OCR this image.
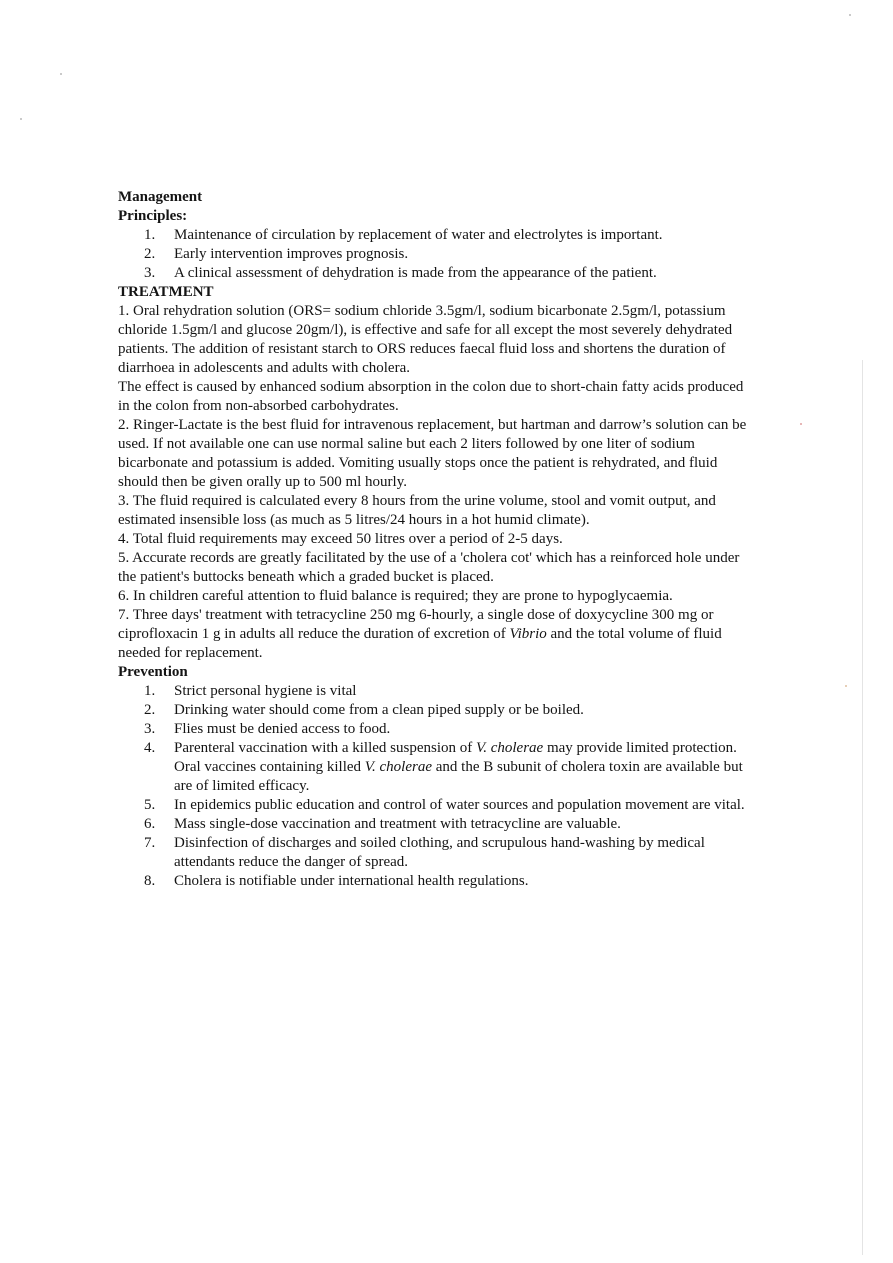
Management
Principles:
1. Maintenance of circulation by replacement of water and electrolytes is important.
2. Early intervention improves prognosis.
3. A clinical assessment of dehydration is made from the appearance of the patient.
TREATMENT

1. Oral rehydration solution (ORS= sodium chloride 3.5gm/l, sodium bicarbonate 2.5gm/l, potassium chloride 1.5gm/l and glucose 20gm/l), is effective and safe for all except the most severely dehydrated patients. The addition of resistant starch to ORS reduces faecal fluid loss and shortens the duration of diarrhoea in adolescents and adults with cholera.

The effect is caused by enhanced sodium absorption in the colon due to short-chain fatty acids produced in the colon from non-absorbed carbohydrates.

2. Ringer-Lactate is the best fluid for intravenous replacement, but hartman and darrow’s solution can be used. If not available one can use normal saline but each 2 liters followed by one liter of sodium bicarbonate and potassium is added. Vomiting usually stops once the patient is rehydrated, and fluid should then be given orally up to 500 ml hourly.

3. The fluid required is calculated every 8 hours from the urine volume, stool and vomit output, and estimated insensible loss (as much as 5 litres/24 hours in a hot humid climate).

4. Total fluid requirements may exceed 50 litres over a period of 2-5 days.

5. Accurate records are greatly facilitated by the use of a 'cholera cot' which has a reinforced hole under the patient's buttocks beneath which a graded bucket is placed.

6. In children careful attention to fluid balance is required; they are prone to hypoglycaemia.

7. Three days' treatment with tetracycline 250 mg 6-hourly, a single dose of doxycycline 300 mg or ciprofloxacin 1 g in adults all reduce the duration of excretion of Vibrio and the total volume of fluid needed for replacement.

Prevention
1. Strict personal hygiene is vital
2. Drinking water should come from a clean piped supply or be boiled.
3. Flies must be denied access to food.
4. Parenteral vaccination with a killed suspension of V. cholerae may provide limited protection. Oral vaccines containing killed V. cholerae and the B subunit of cholera toxin are available but are of limited efficacy.
5. In epidemics public education and control of water sources and population movement are vital.
6. Mass single-dose vaccination and treatment with tetracycline are valuable.
7. Disinfection of discharges and soiled clothing, and scrupulous hand-washing by medical attendants reduce the danger of spread.
8. Cholera is notifiable under international health regulations.
